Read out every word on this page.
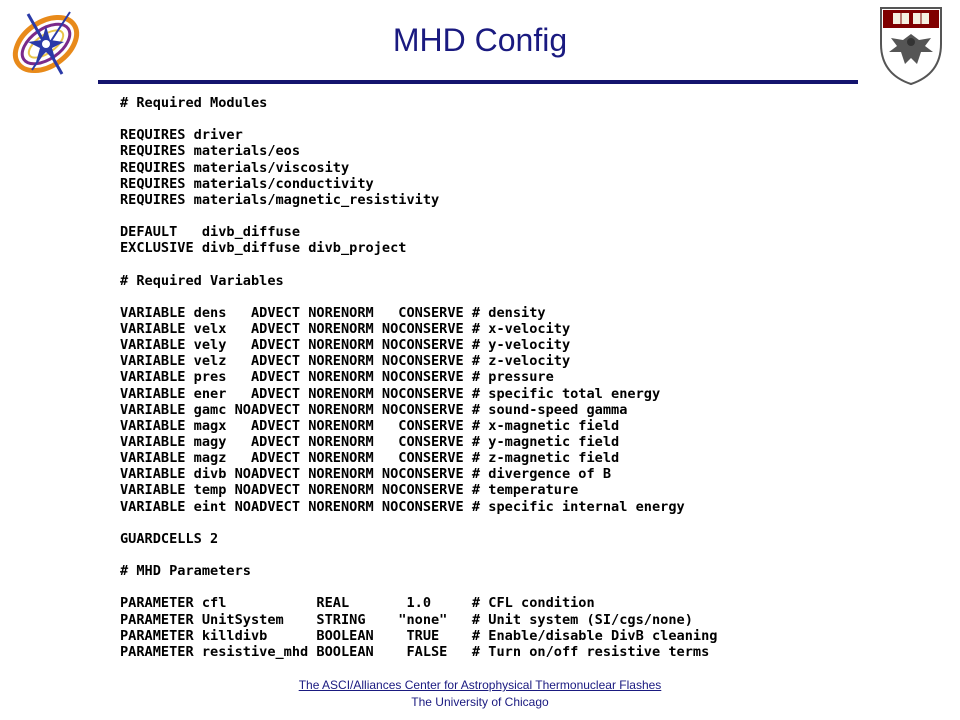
MHD Config
# Required Modules
REQUIRES driver
REQUIRES materials/eos
REQUIRES materials/viscosity
REQUIRES materials/conductivity
REQUIRES materials/magnetic_resistivity
DEFAULT   divb_diffuse
EXCLUSIVE divb_diffuse divb_project
# Required Variables
VARIABLE dens   ADVECT NORENORM   CONSERVE # density
VARIABLE velx   ADVECT NORENORM NOCONSERVE # x-velocity
VARIABLE vely   ADVECT NORENORM NOCONSERVE # y-velocity
VARIABLE velz   ADVECT NORENORM NOCONSERVE # z-velocity
VARIABLE pres   ADVECT NORENORM NOCONSERVE # pressure
VARIABLE ener   ADVECT NORENORM NOCONSERVE # specific total energy
VARIABLE gamc NOADVECT NORENORM NOCONSERVE # sound-speed gamma
VARIABLE magx   ADVECT NORENORM   CONSERVE # x-magnetic field
VARIABLE magy   ADVECT NORENORM   CONSERVE # y-magnetic field
VARIABLE magz   ADVECT NORENORM   CONSERVE # z-magnetic field
VARIABLE divb NOADVECT NORENORM NOCONSERVE # divergence of B
VARIABLE temp NOADVECT NORENORM NOCONSERVE # temperature
VARIABLE eint NOADVECT NORENORM NOCONSERVE # specific internal energy
GUARDCELLS 2
# MHD Parameters
PARAMETER cfl           REAL       1.0     # CFL condition
PARAMETER UnitSystem    STRING    "none"   # Unit system (SI/cgs/none)
PARAMETER killdivb      BOOLEAN    TRUE    # Enable/disable DivB cleaning
PARAMETER resistive_mhd BOOLEAN    FALSE   # Turn on/off resistive terms
The ASCI/Alliances Center for Astrophysical Thermonuclear Flashes
The University of Chicago
